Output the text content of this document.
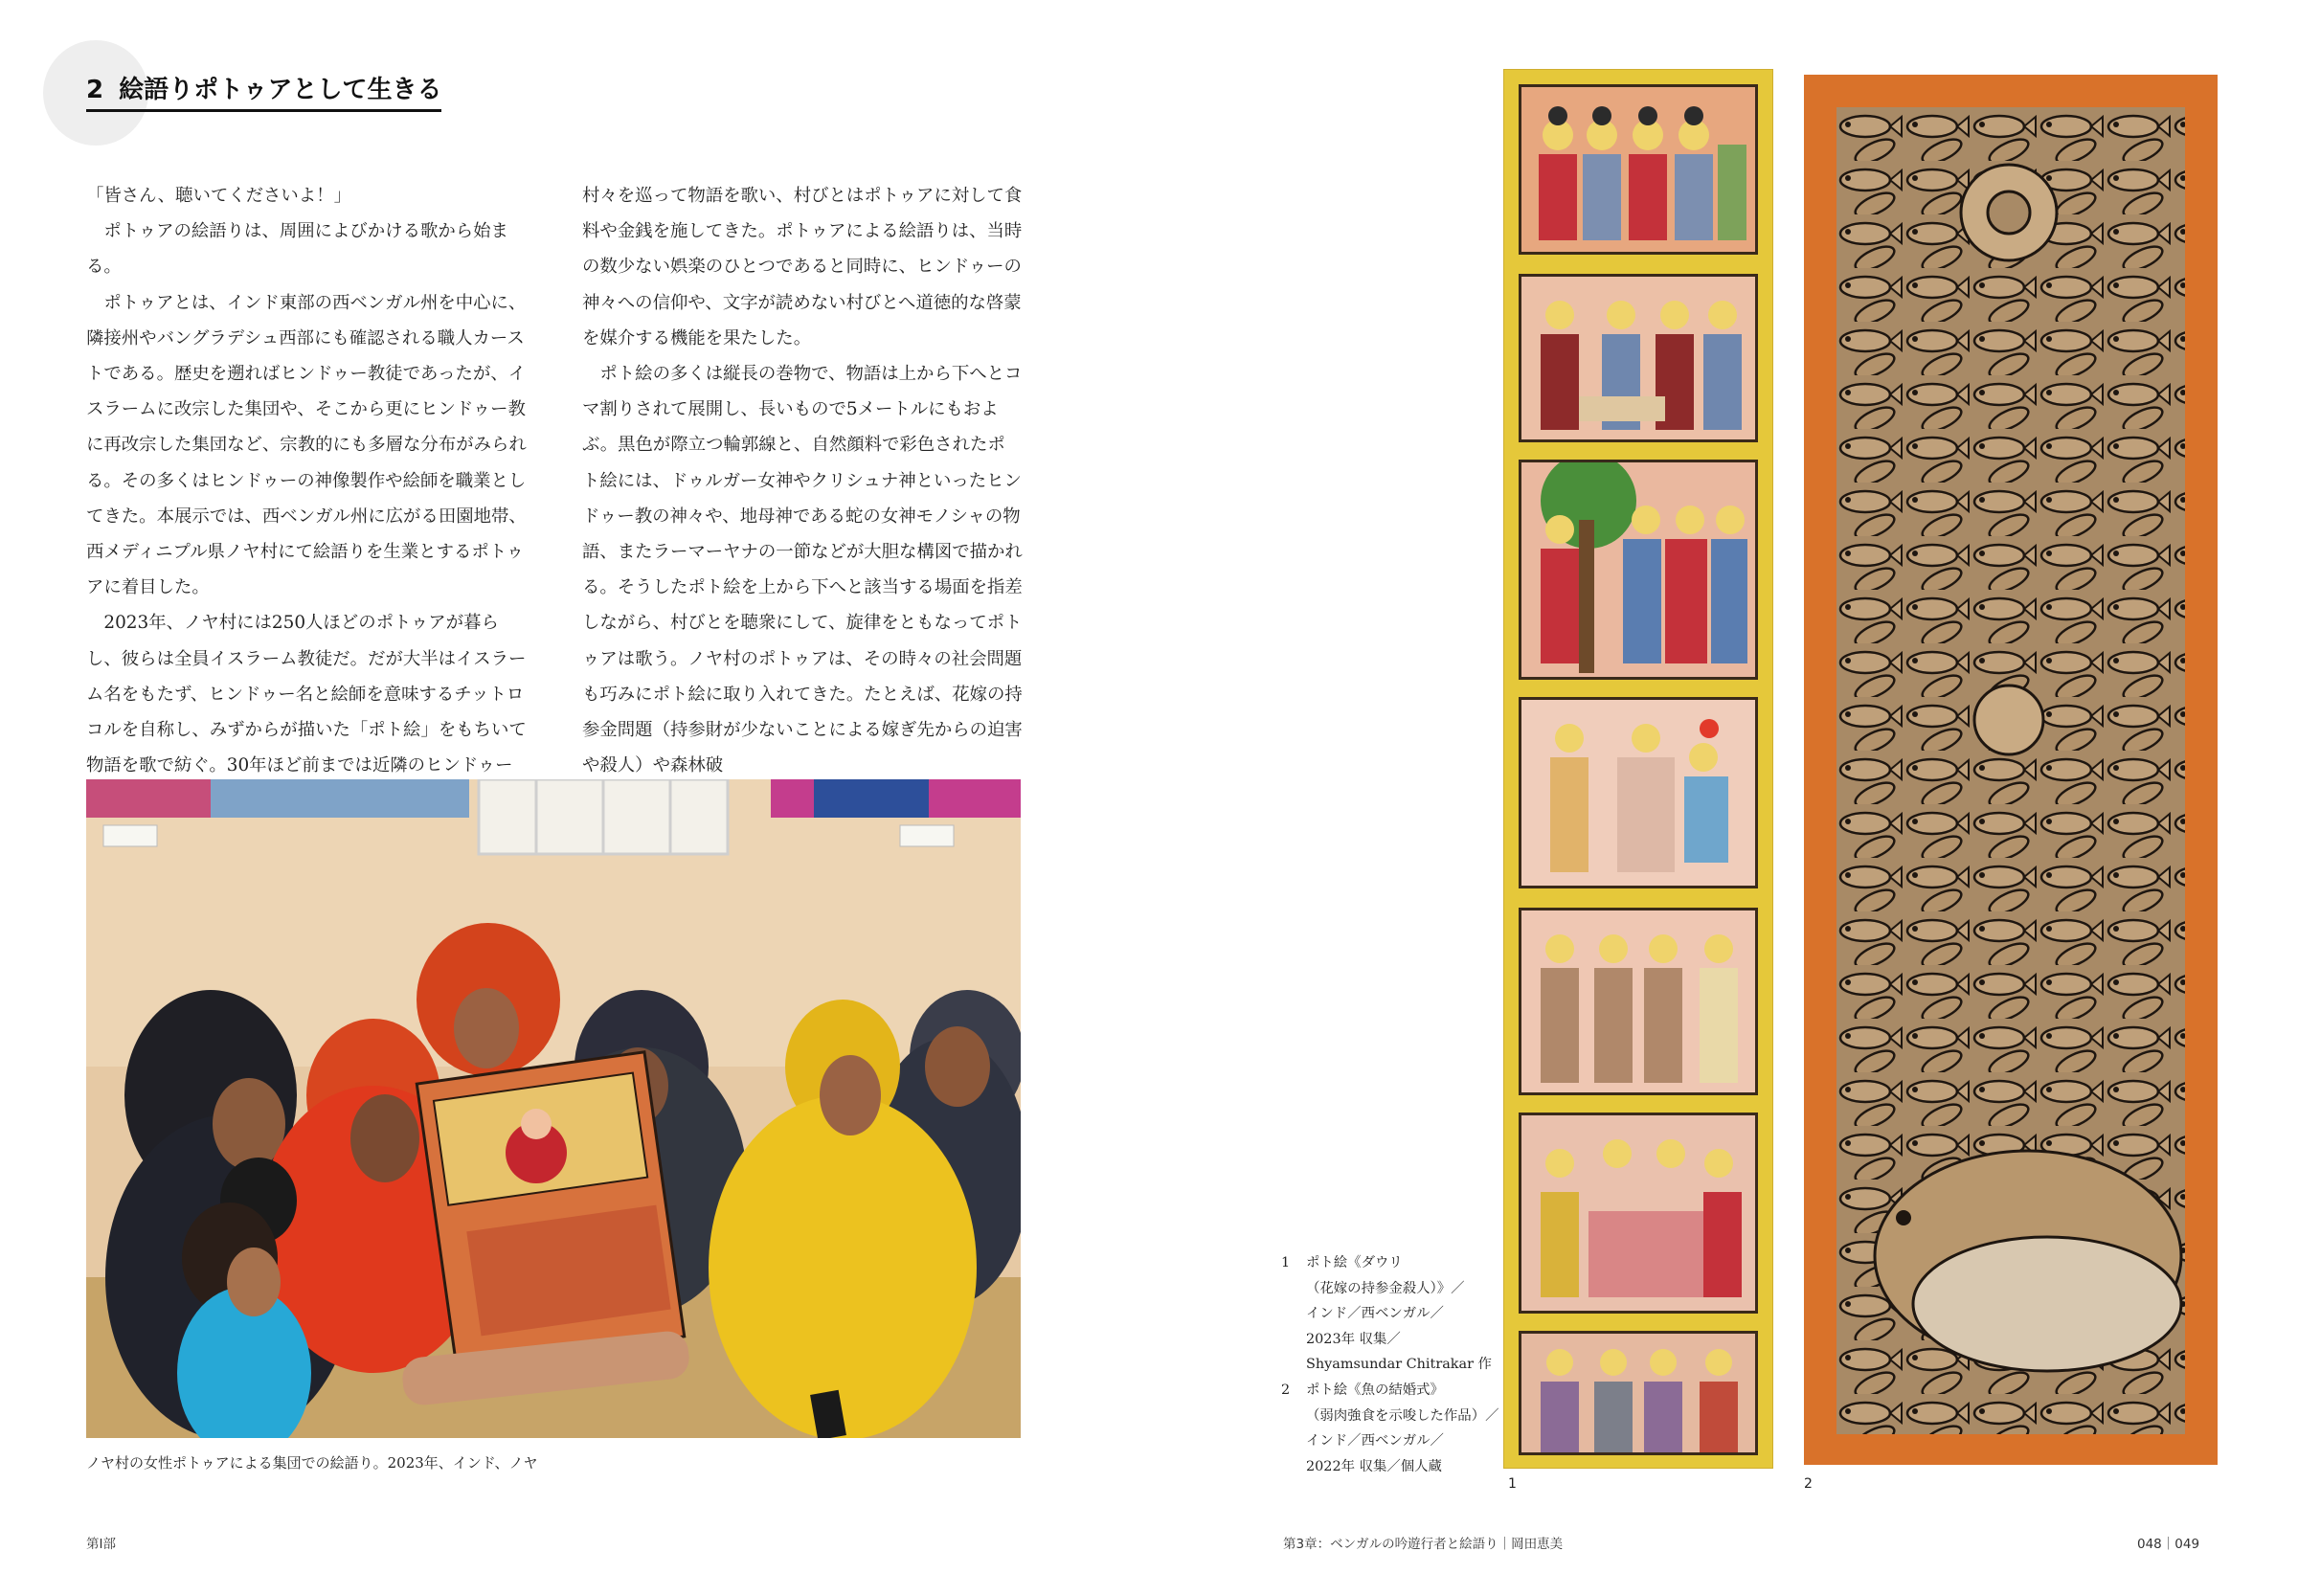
2 絵語りポトゥアとして生きる

「皆さん、聴いてくださいよ！」

　ポトゥアの絵語りは、周囲によびかける歌から始まる。

　ポトゥアとは、インド東部の西ベンガル州を中心に、隣接州やバングラデシュ西部にも確認される職人カーストである。歴史を遡ればヒンドゥー教徒であったが、イスラームに改宗した集団や、そこから更にヒンドゥー教に再改宗した集団など、宗教的にも多層な分布がみられる。その多くはヒンドゥーの神像製作や絵師を職業としてきた。本展示では、西ベンガル州に広がる田園地帯、西メディニプル県ノヤ村にて絵語りを生業とするポトゥアに着目した。

　2023年、ノヤ村には250人ほどのポトゥアが暮らし、彼らは全員イスラーム教徒だ。だが大半はイスラーム名をもたず、ヒンドゥー名と絵師を意味するチットロコルを自称し、みずからが描いた「ポト絵」をもちいて物語を歌で紡ぐ。30年ほど前までは近隣のヒンドゥー

村々を巡って物語を歌い、村びとはポトゥアに対して食料や金銭を施してきた。ポトゥアによる絵語りは、当時の数少ない娯楽のひとつであると同時に、ヒンドゥーの神々への信仰や、文字が読めない村びとへ道徳的な啓蒙を媒介する機能を果たした。

　ポト絵の多くは縦長の巻物で、物語は上から下へとコマ割りされて展開し、長いもので5メートルにもおよぶ。黒色が際立つ輪郭線と、自然顔料で彩色されたポト絵には、ドゥルガー女神やクリシュナ神といったヒンドゥー教の神々や、地母神である蛇の女神モノシャの物語、またラーマーヤナの一節などが大胆な構図で描かれる。そうしたポト絵を上から下へと該当する場面を指差しながら、村びとを聴衆にして、旋律をともなってポトゥアは歌う。ノヤ村のポトゥアは、その時々の社会問題も巧みにポト絵に取り入れてきた。たとえば、花嫁の持参金問題（持参財が少ないことによる嫁ぎ先からの迫害や殺人）や森林破

ノヤ村の女性ポトゥアによる集団での絵語り。2023年、インド、ノヤ
1	2
1 ポト絵《ダウリ
（花嫁の持参金殺人）》／
インド／西ベンガル／
2023年 収集／
Shyamsundar Chitrakar 作
2 ポト絵《魚の結婚式》
（弱肉強食を示唆した作品）／
インド／西ベンガル／
2022年 収集／個人蔵
第Ⅰ部	第3章：ベンガルの吟遊行者と絵語り｜岡田恵美	048｜049
